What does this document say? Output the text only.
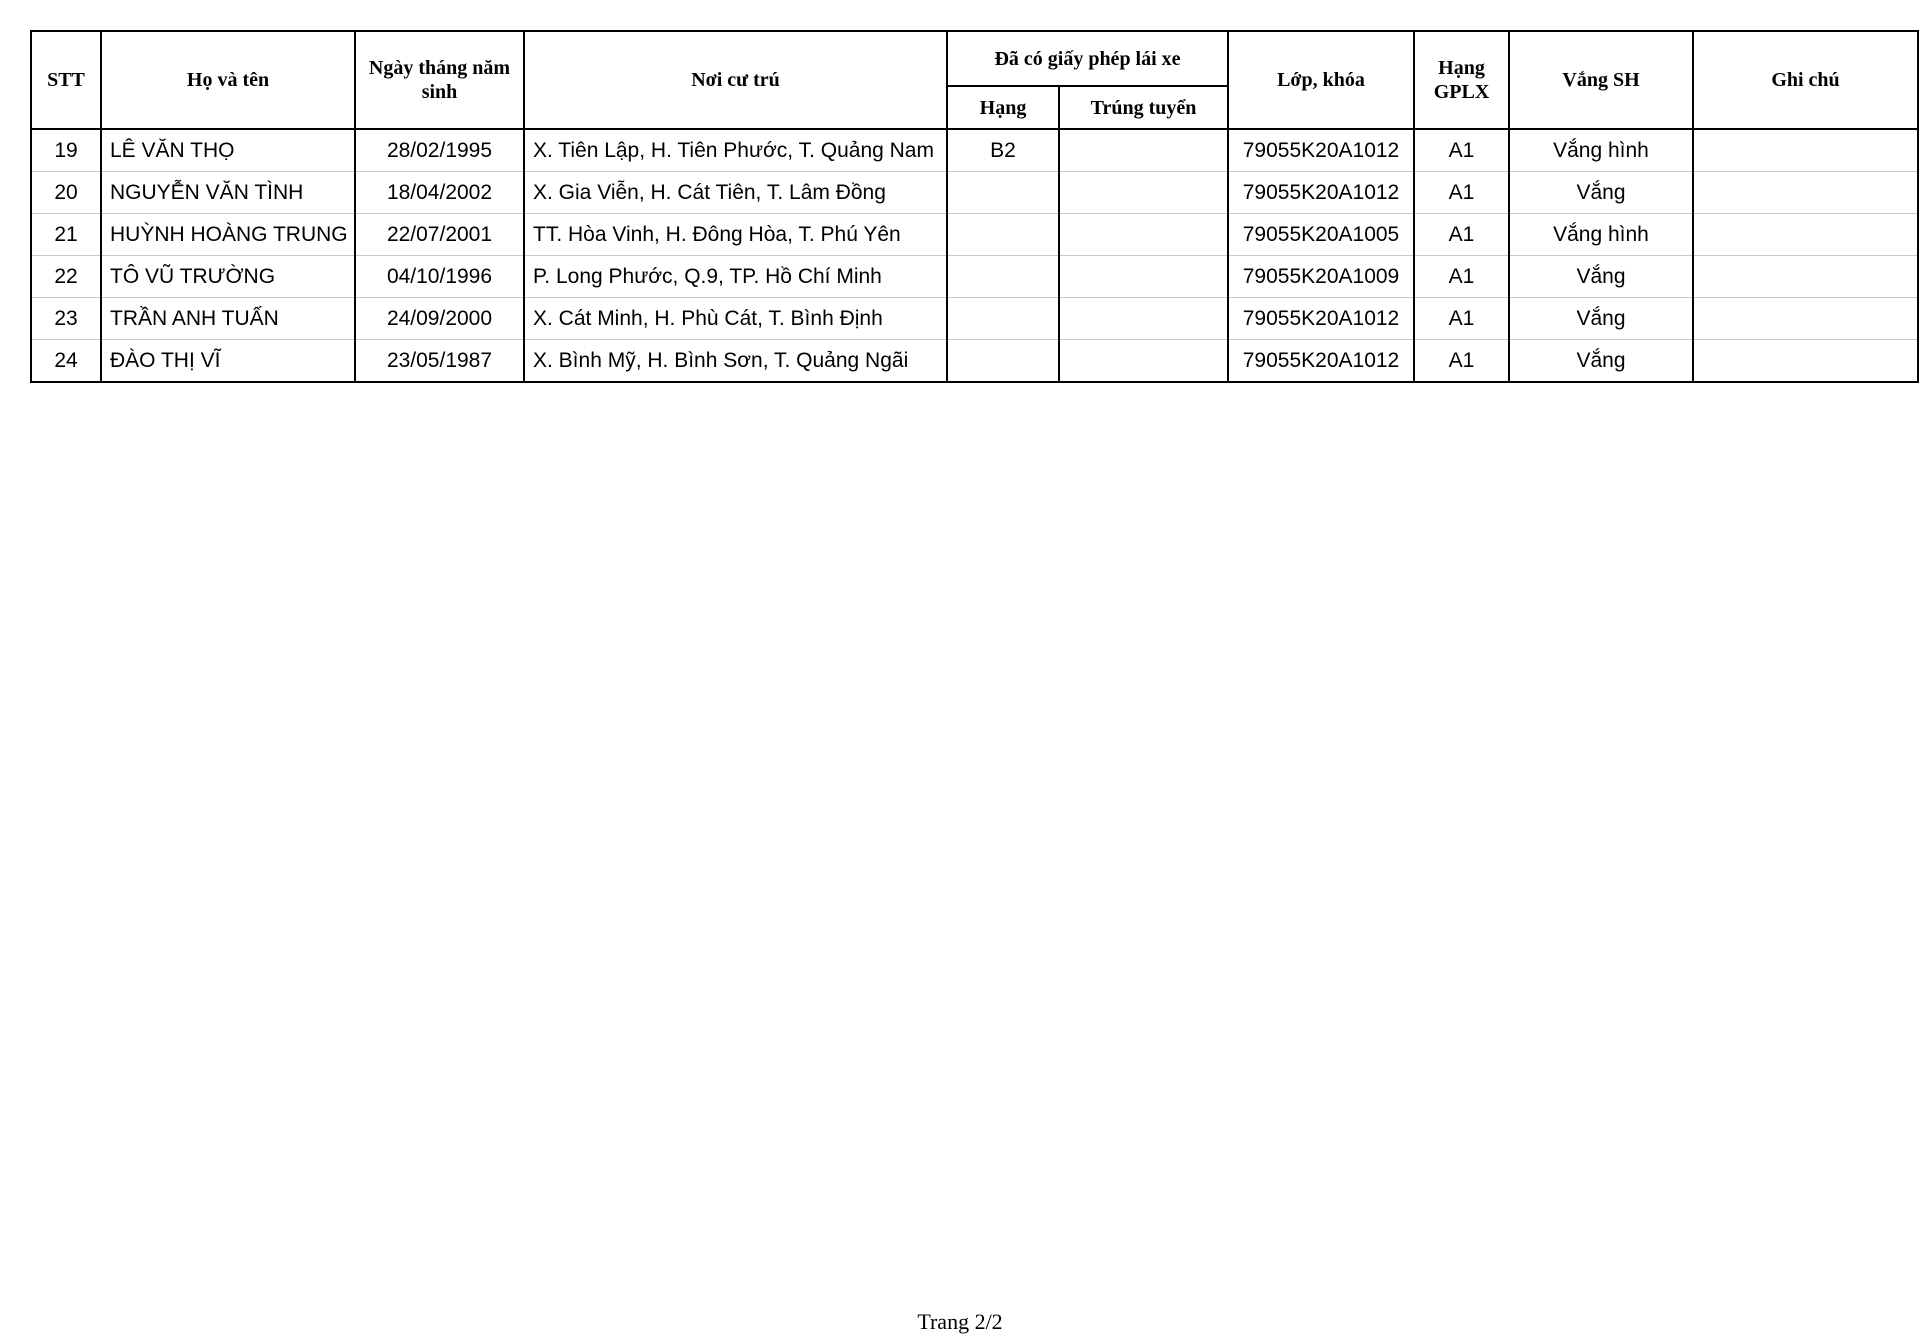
STT	Họ và tên	Ngày tháng năm sinh	Nơi cư trú	Đã có giấy phép lái xe		Lớp, khóa	Hạng GPLX	Vắng SH	Ghi chú
				Hạng	Trúng tuyển				
19	LÊ VĂN THỌ	28/02/1995	X. Tiên Lập, H. Tiên Phước, T. Quảng Nam	B2		79055K20A1012	A1	Vắng hình	
20	NGUYỄN VĂN TÌNH	18/04/2002	X. Gia Viễn, H. Cát Tiên, T. Lâm Đồng			79055K20A1012	A1	Vắng	
21	HUỲNH HOÀNG TRUNG	22/07/2001	TT. Hòa Vinh, H. Đông Hòa, T. Phú Yên			79055K20A1005	A1	Vắng hình	
22	TÔ VŨ TRƯỜNG	04/10/1996	P. Long Phước, Q.9, TP. Hồ Chí Minh			79055K20A1009	A1	Vắng	
23	TRẦN ANH TUẤN	24/09/2000	X. Cát Minh, H. Phù Cát, T. Bình Định			79055K20A1012	A1	Vắng	
24	ĐÀO THỊ VĨ	23/05/1987	X. Bình Mỹ, H. Bình Sơn, T. Quảng Ngãi			79055K20A1012	A1	Vắng	
Trang 2/2
